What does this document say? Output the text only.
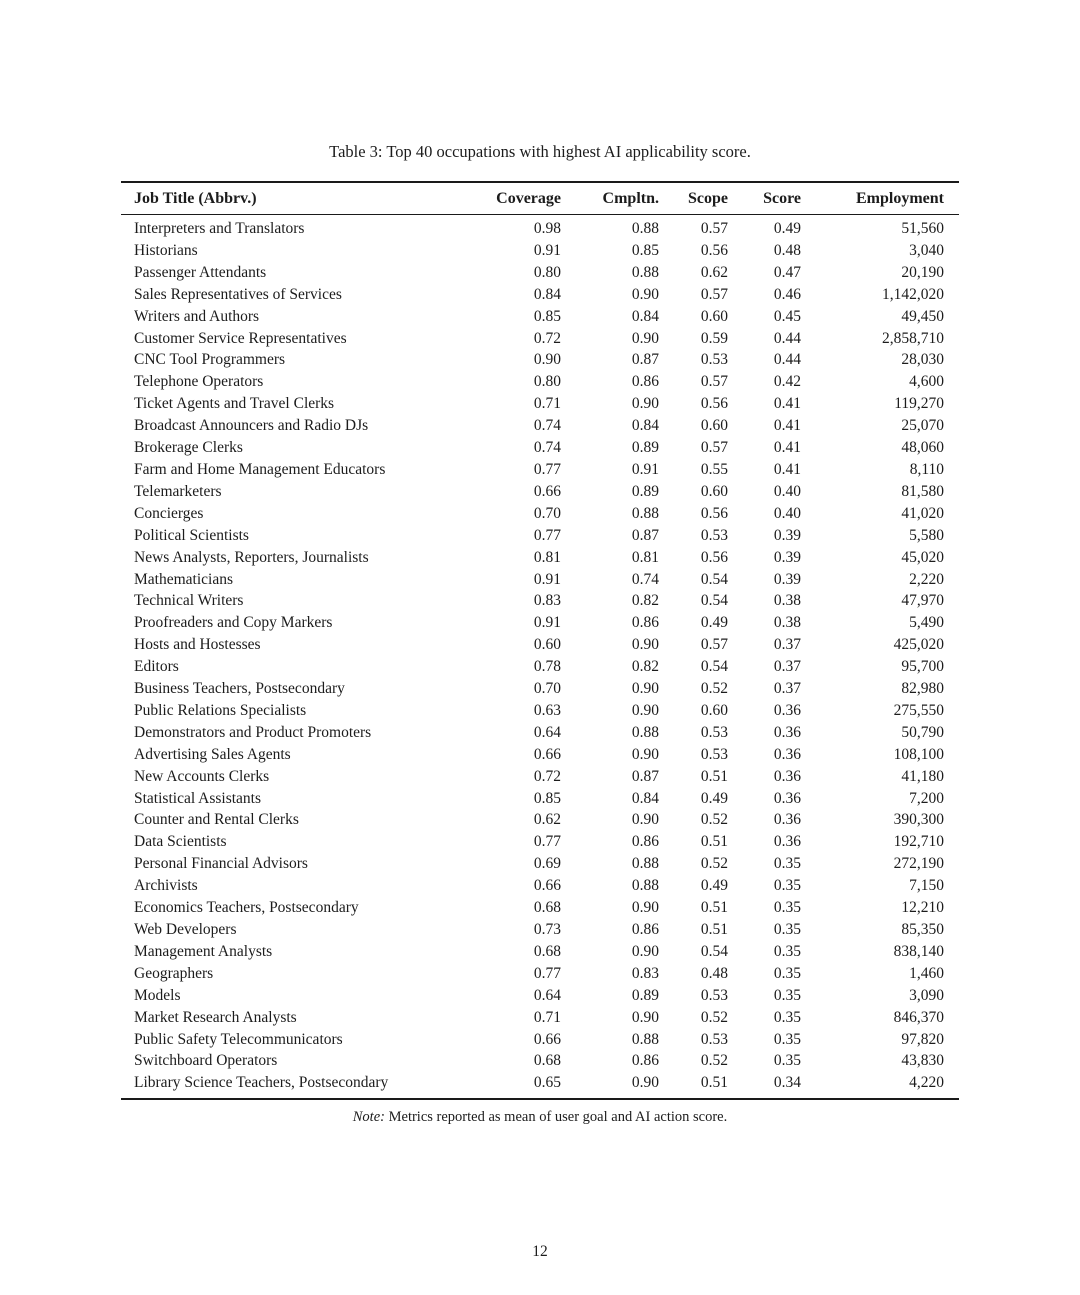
Table 3: Top 40 occupations with highest AI applicability score.
Job Title (Abbrv.)	Coverage	Cmpltn.	Scope	Score	Employment
Interpreters and Translators	0.98	0.88	0.57	0.49	51,560
Historians	0.91	0.85	0.56	0.48	3,040
Passenger Attendants	0.80	0.88	0.62	0.47	20,190
Sales Representatives of Services	0.84	0.90	0.57	0.46	1,142,020
Writers and Authors	0.85	0.84	0.60	0.45	49,450
Customer Service Representatives	0.72	0.90	0.59	0.44	2,858,710
CNC Tool Programmers	0.90	0.87	0.53	0.44	28,030
Telephone Operators	0.80	0.86	0.57	0.42	4,600
Ticket Agents and Travel Clerks	0.71	0.90	0.56	0.41	119,270
Broadcast Announcers and Radio DJs	0.74	0.84	0.60	0.41	25,070
Brokerage Clerks	0.74	0.89	0.57	0.41	48,060
Farm and Home Management Educators	0.77	0.91	0.55	0.41	8,110
Telemarketers	0.66	0.89	0.60	0.40	81,580
Concierges	0.70	0.88	0.56	0.40	41,020
Political Scientists	0.77	0.87	0.53	0.39	5,580
News Analysts, Reporters, Journalists	0.81	0.81	0.56	0.39	45,020
Mathematicians	0.91	0.74	0.54	0.39	2,220
Technical Writers	0.83	0.82	0.54	0.38	47,970
Proofreaders and Copy Markers	0.91	0.86	0.49	0.38	5,490
Hosts and Hostesses	0.60	0.90	0.57	0.37	425,020
Editors	0.78	0.82	0.54	0.37	95,700
Business Teachers, Postsecondary	0.70	0.90	0.52	0.37	82,980
Public Relations Specialists	0.63	0.90	0.60	0.36	275,550
Demonstrators and Product Promoters	0.64	0.88	0.53	0.36	50,790
Advertising Sales Agents	0.66	0.90	0.53	0.36	108,100
New Accounts Clerks	0.72	0.87	0.51	0.36	41,180
Statistical Assistants	0.85	0.84	0.49	0.36	7,200
Counter and Rental Clerks	0.62	0.90	0.52	0.36	390,300
Data Scientists	0.77	0.86	0.51	0.36	192,710
Personal Financial Advisors	0.69	0.88	0.52	0.35	272,190
Archivists	0.66	0.88	0.49	0.35	7,150
Economics Teachers, Postsecondary	0.68	0.90	0.51	0.35	12,210
Web Developers	0.73	0.86	0.51	0.35	85,350
Management Analysts	0.68	0.90	0.54	0.35	838,140
Geographers	0.77	0.83	0.48	0.35	1,460
Models	0.64	0.89	0.53	0.35	3,090
Market Research Analysts	0.71	0.90	0.52	0.35	846,370
Public Safety Telecommunicators	0.66	0.88	0.53	0.35	97,820
Switchboard Operators	0.68	0.86	0.52	0.35	43,830
Library Science Teachers, Postsecondary	0.65	0.90	0.51	0.34	4,220
Note: Metrics reported as mean of user goal and AI action score.
12
